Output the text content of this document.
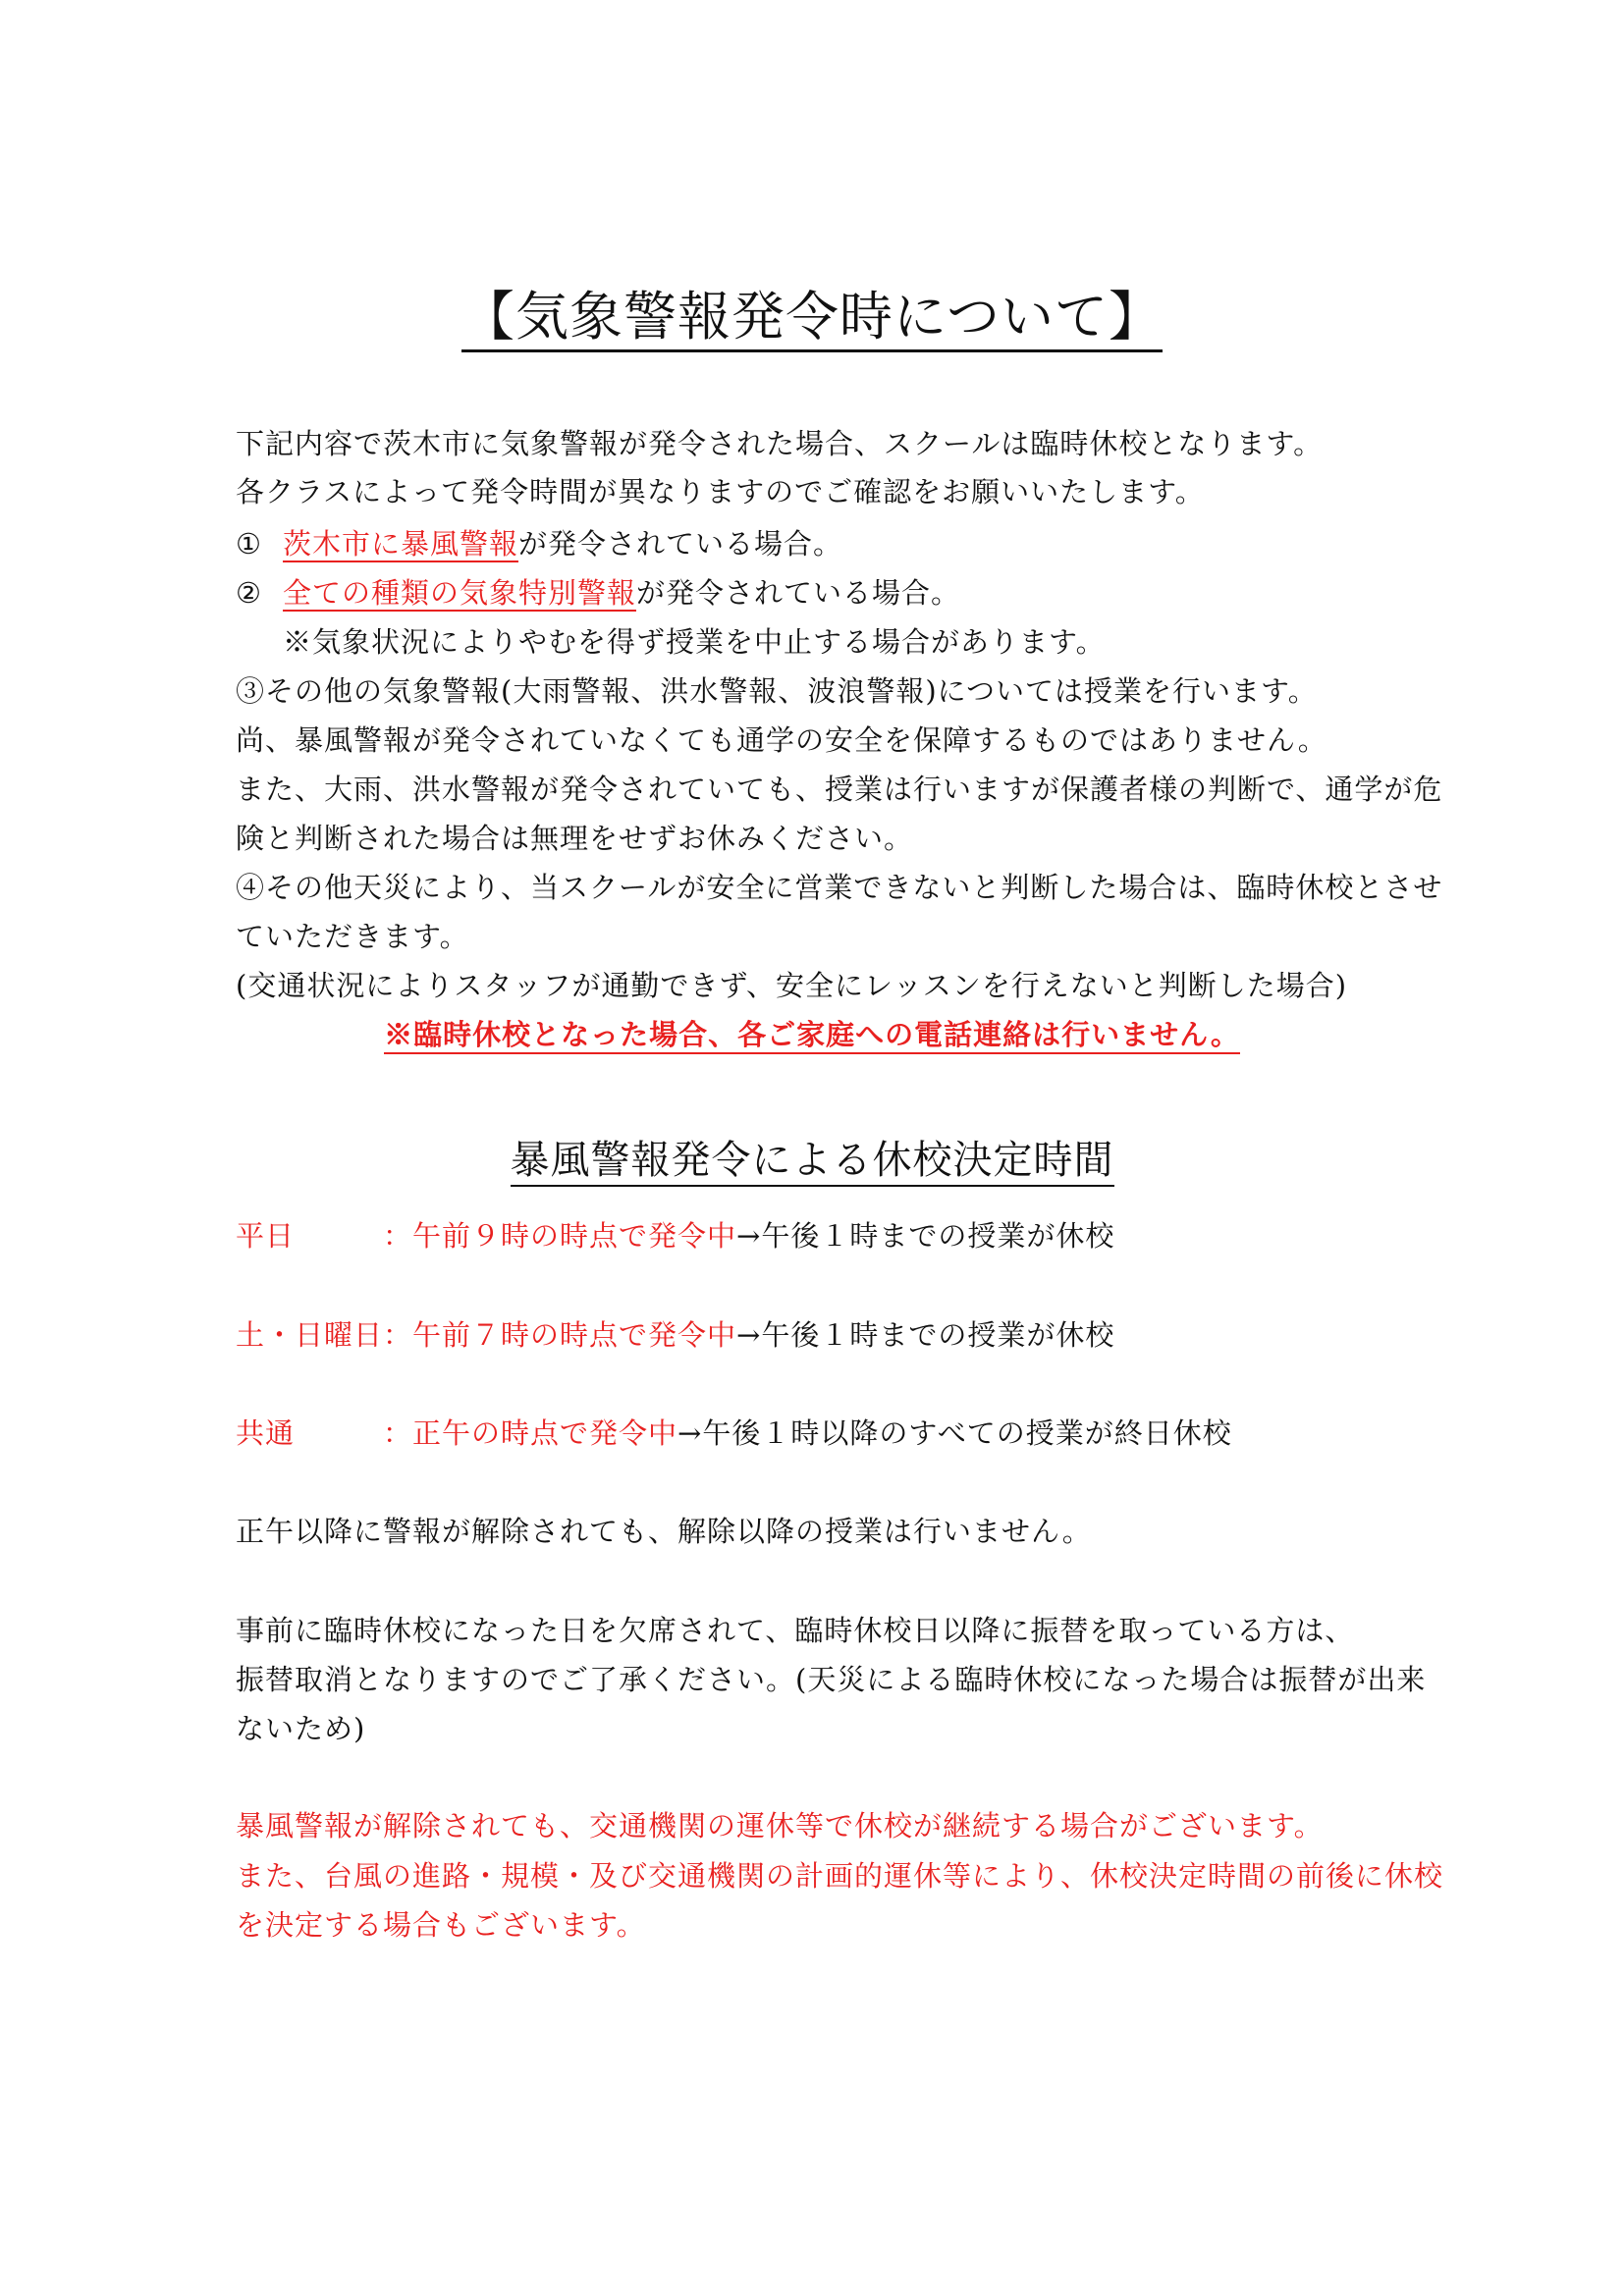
【気象警報発令時について】
下記内容で茨木市に気象警報が発令された場合、スクールは臨時休校となります。
各クラスによって発令時間が異なりますのでご確認をお願いいたします。
① 茨木市に暴風警報が発令されている場合。
② 全ての種類の気象特別警報が発令されている場合。
※気象状況によりやむを得ず授業を中止する場合があります。
③その他の気象警報(大雨警報、洪水警報、波浪警報)については授業を行います。
尚、暴風警報が発令されていなくても通学の安全を保障するものではありません。
また、大雨、洪水警報が発令されていても、授業は行いますが保護者様の判断で、通学が危
険と判断された場合は無理をせずお休みください。
④その他天災により、当スクールが安全に営業できないと判断した場合は、臨時休校とさせ
ていただきます。
(交通状況によりスタッフが通勤できず、安全にレッスンを行えないと判断した場合)
※臨時休校となった場合、各ご家庭への電話連絡は行いません。
暴風警報発令による休校決定時間
平日	：午前９時の時点で発令中→午後１時までの授業が休校
土・日曜日：午前７時の時点で発令中→午後１時までの授業が休校
共通	：正午の時点で発令中→午後１時以降のすべての授業が終日休校
正午以降に警報が解除されても、解除以降の授業は行いません。
事前に臨時休校になった日を欠席されて、臨時休校日以降に振替を取っている方は、
振替取消となりますのでご了承ください。(天災による臨時休校になった場合は振替が出来
ないため)
暴風警報が解除されても、交通機関の運休等で休校が継続する場合がございます。
また、台風の進路・規模・及び交通機関の計画的運休等により、休校決定時間の前後に休校
を決定する場合もございます。
